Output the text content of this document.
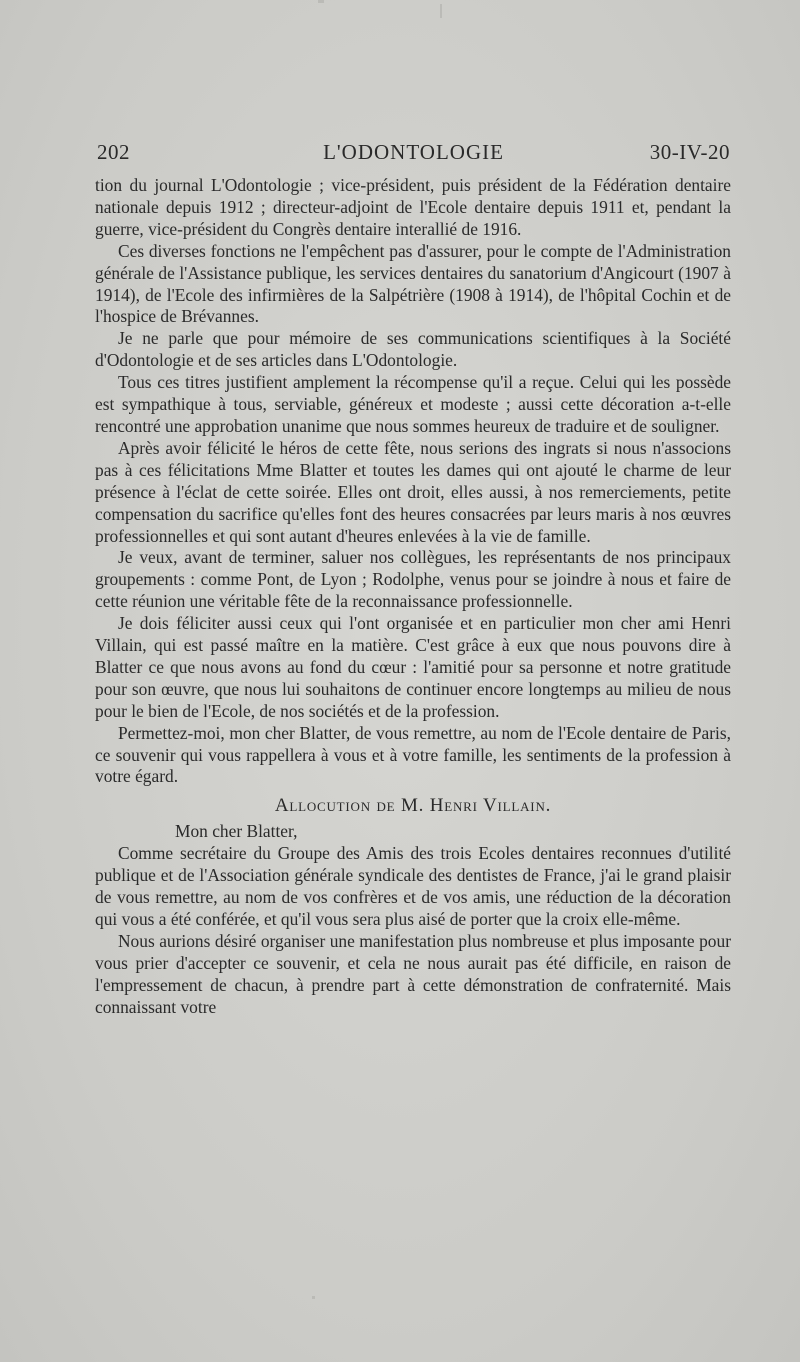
202	L'ODONTOLOGIE	30-IV-20

tion du journal L'Odontologie ; vice-président, puis président de la Fédération dentaire nationale depuis 1912 ; directeur-adjoint de l'Ecole dentaire depuis 1911 et, pendant la guerre, vice-président du Congrès dentaire interallié de 1916.

Ces diverses fonctions ne l'empêchent pas d'assurer, pour le compte de l'Administration générale de l'Assistance publique, les services dentaires du sanatorium d'Angicourt (1907 à 1914), de l'Ecole des infirmières de la Salpétrière (1908 à 1914), de l'hôpital Cochin et de l'hospice de Brévannes.

Je ne parle que pour mémoire de ses communications scientifiques à la Société d'Odontologie et de ses articles dans L'Odontologie.

Tous ces titres justifient amplement la récompense qu'il a reçue. Celui qui les possède est sympathique à tous, serviable, généreux et modeste ; aussi cette décoration a-t-elle rencontré une approbation unanime que nous sommes heureux de traduire et de souligner.

Après avoir félicité le héros de cette fête, nous serions des ingrats si nous n'associons pas à ces félicitations Mme Blatter et toutes les dames qui ont ajouté le charme de leur présence à l'éclat de cette soirée. Elles ont droit, elles aussi, à nos remerciements, petite compensation du sacrifice qu'elles font des heures consacrées par leurs maris à nos œuvres professionnelles et qui sont autant d'heures enlevées à la vie de famille.

Je veux, avant de terminer, saluer nos collègues, les représentants de nos principaux groupements : comme Pont, de Lyon ; Rodolphe, venus pour se joindre à nous et faire de cette réunion une véritable fête de la reconnaissance professionnelle.

Je dois féliciter aussi ceux qui l'ont organisée et en particulier mon cher ami Henri Villain, qui est passé maître en la matière. C'est grâce à eux que nous pouvons dire à Blatter ce que nous avons au fond du cœur : l'amitié pour sa personne et notre gratitude pour son œuvre, que nous lui souhaitons de continuer encore longtemps au milieu de nous pour le bien de l'Ecole, de nos sociétés et de la profession.

Permettez-moi, mon cher Blatter, de vous remettre, au nom de l'Ecole dentaire de Paris, ce souvenir qui vous rappellera à vous et à votre famille, les sentiments de la profession à votre égard.

Allocution de M. Henri Villain.

Mon cher Blatter,

Comme secrétaire du Groupe des Amis des trois Ecoles dentaires reconnues d'utilité publique et de l'Association générale syndicale des dentistes de France, j'ai le grand plaisir de vous remettre, au nom de vos confrères et de vos amis, une réduction de la décoration qui vous a été conférée, et qu'il vous sera plus aisé de porter que la croix elle-même.

Nous aurions désiré organiser une manifestation plus nombreuse et plus imposante pour vous prier d'accepter ce souvenir, et cela ne nous aurait pas été difficile, en raison de l'empressement de chacun, à prendre part à cette démonstration de confraternité. Mais connaissant votre
